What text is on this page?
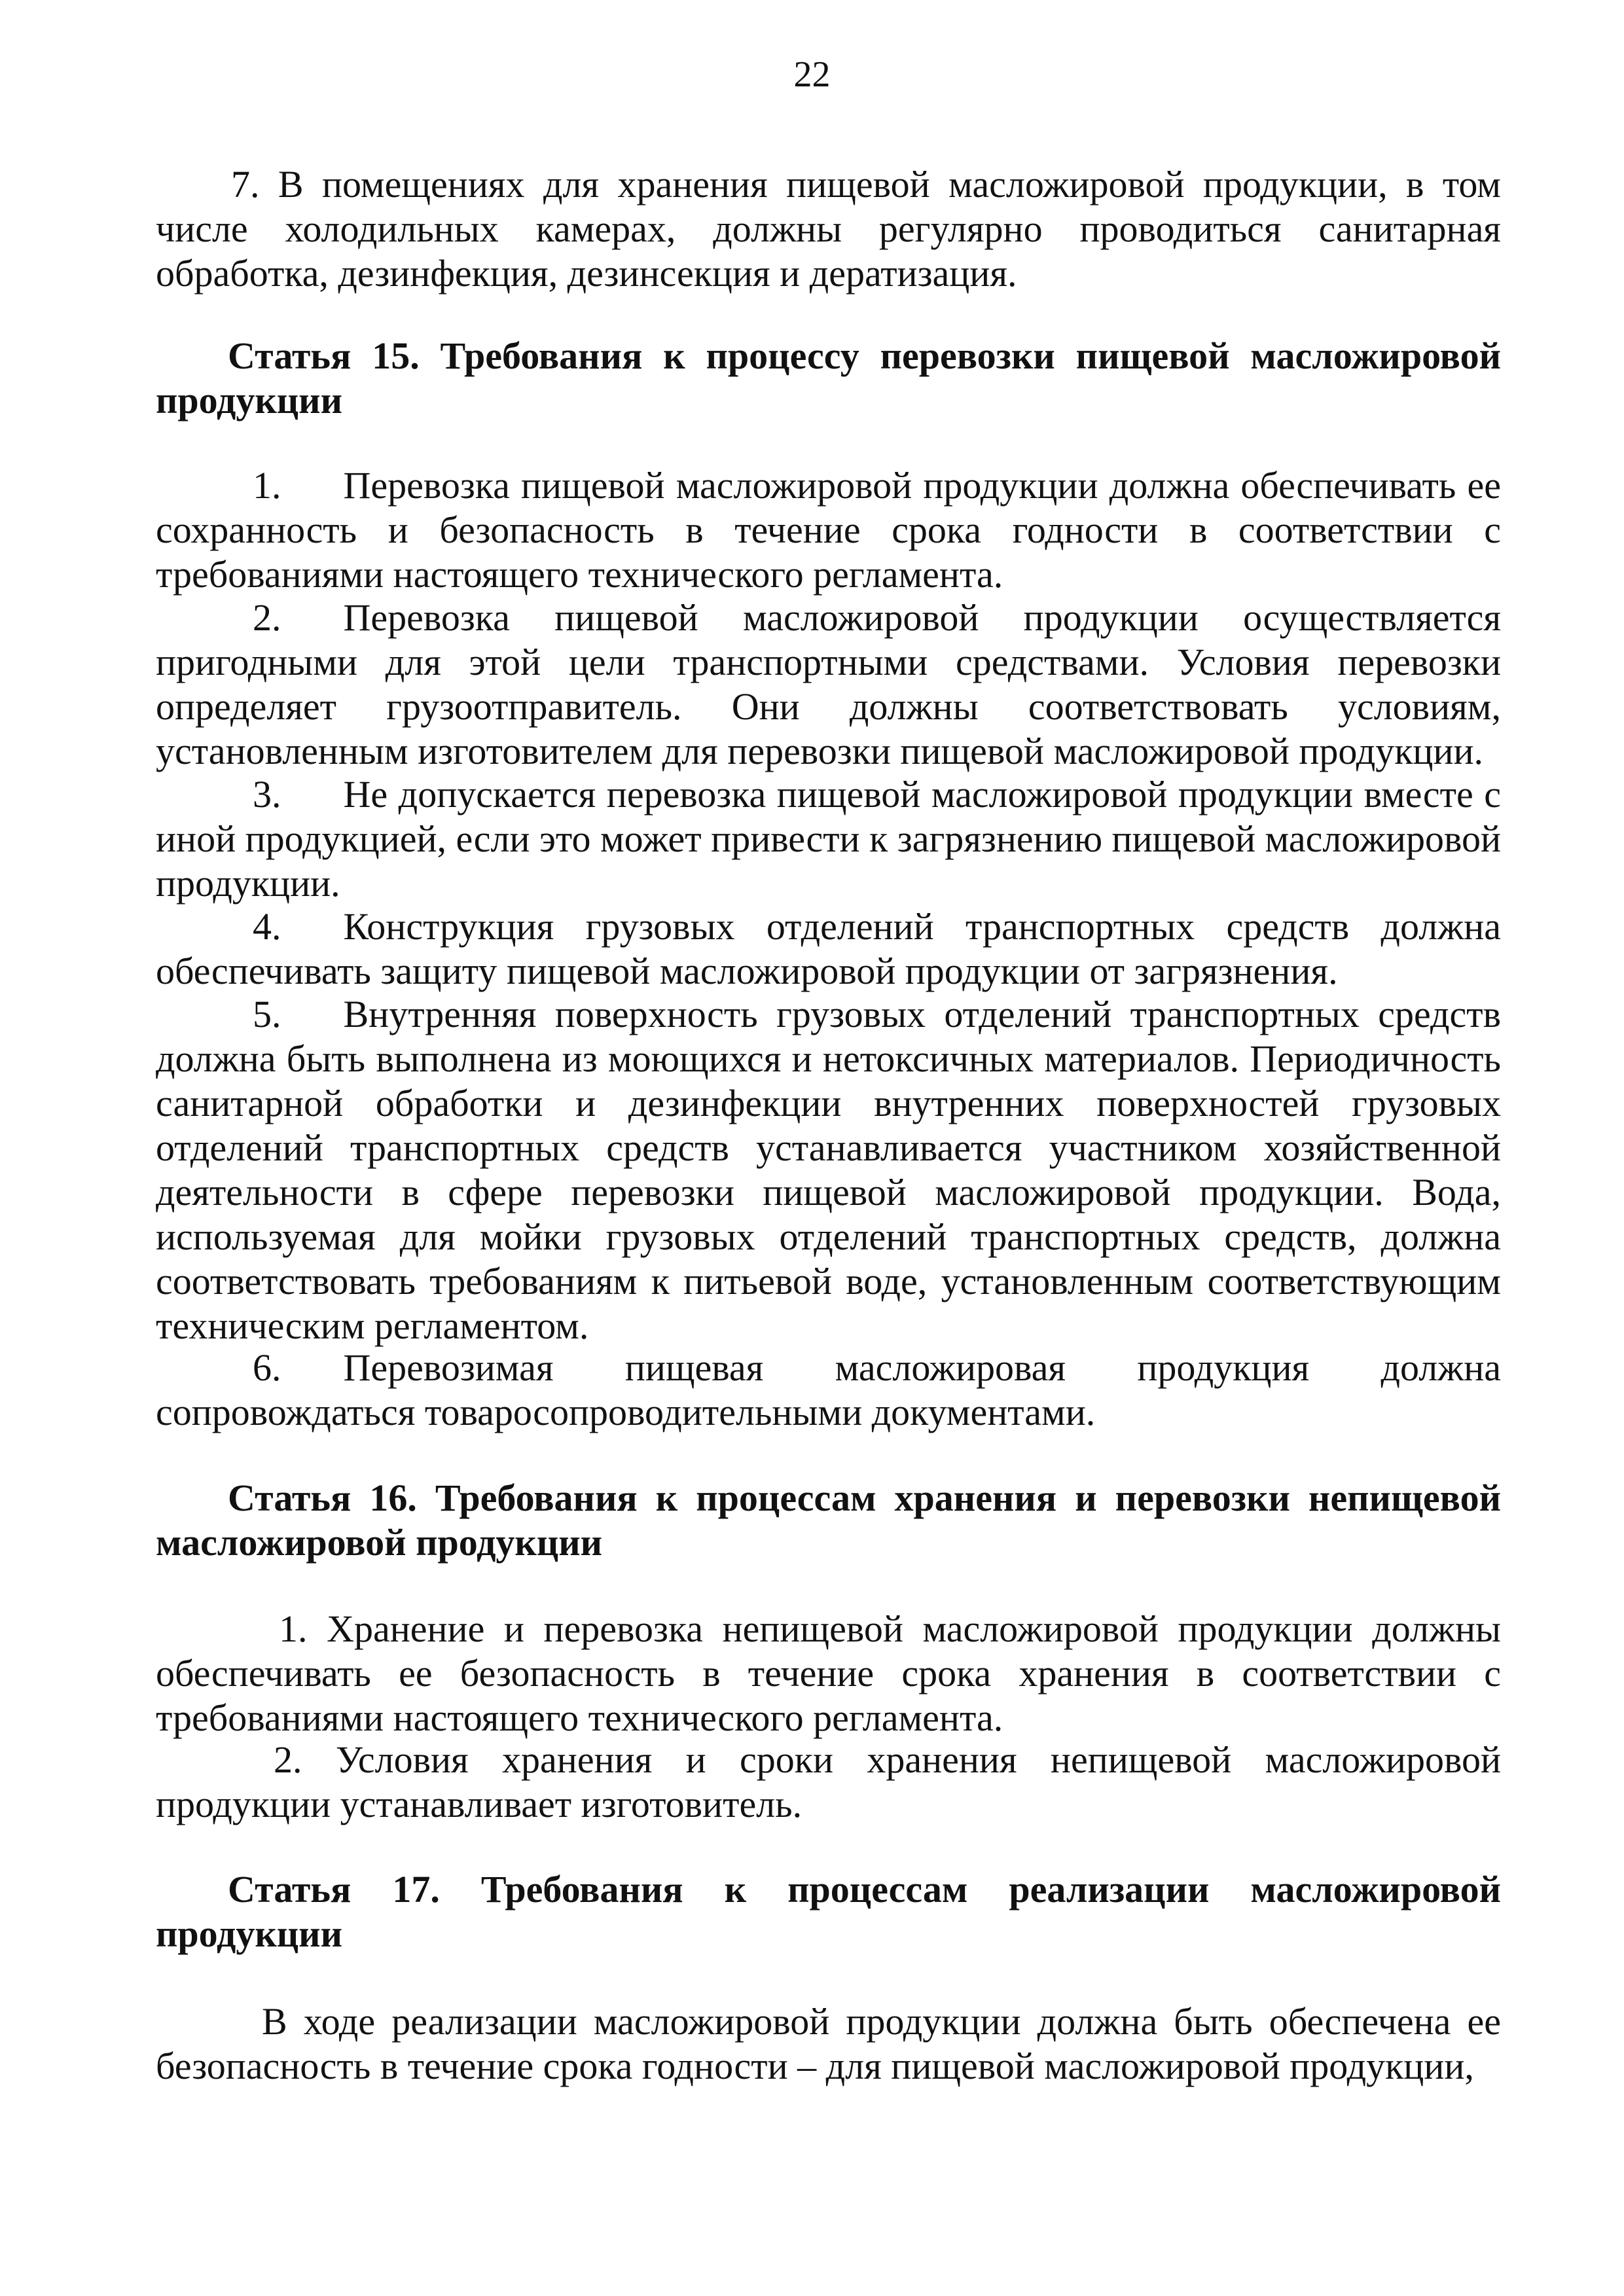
22

7. В помещениях для хранения пищевой масложировой продукции, в том числе холодильных камерах, должны регулярно проводиться санитарная обработка, дезинфекция, дезинсекция и дератизация.

Статья 15. Требования к процессу перевозки пищевой масложировой продукции

1. Перевозка пищевой масложировой продукции должна обеспечивать ее сохранность и безопасность в течение срока годности в соответствии с требованиями настоящего технического регламента.

2. Перевозка пищевой масложировой продукции осуществляется пригодными для этой цели транспортными средствами. Условия перевозки определяет грузоотправитель. Они должны соответствовать условиям, установленным изготовителем для перевозки пищевой масложировой продукции.

3. Не допускается перевозка пищевой масложировой продукции вместе с иной продукцией, если это может привести к загрязнению пищевой масложировой продукции.

4. Конструкция грузовых отделений транспортных средств должна обеспечивать защиту пищевой масложировой продукции от загрязнения.

5. Внутренняя поверхность грузовых отделений транспортных средств должна быть выполнена из моющихся и нетоксичных материалов. Периодичность санитарной обработки и дезинфекции внутренних поверхностей грузовых отделений транспортных средств устанавливается участником хозяйственной деятельности в сфере перевозки пищевой масложировой продукции. Вода, используемая для мойки грузовых отделений транспортных средств, должна соответствовать требованиям к питьевой воде, установленным соответствующим техническим регламентом.

6. Перевозимая пищевая масложировая продукция должна сопровождаться товаросопроводительными документами.

Статья 16. Требования к процессам хранения и перевозки непищевой масложировой продукции

1. Хранение и перевозка непищевой масложировой продукции должны обеспечивать ее безопасность в течение срока хранения в соответствии с требованиями настоящего технического регламента.

2. Условия хранения и сроки хранения непищевой масложировой продукции устанавливает изготовитель.

Статья 17. Требования к процессам реализации масложировой продукции

В ходе реализации масложировой продукции должна быть обеспечена ее безопасность в течение срока годности – для пищевой масложировой продукции,
